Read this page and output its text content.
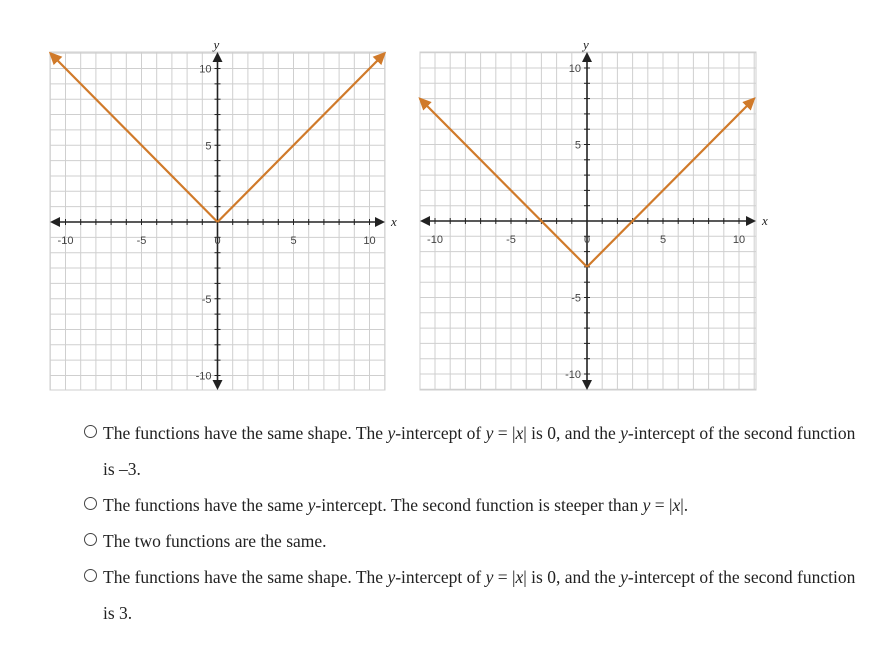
x
y
-10	-5	0	5	10
10
5
-5
-10
x
y
-10	-5	0	5	10
10
5
-5
-10
The functions have the same shape. The y-intercept of y = |x| is 0, and the y-intercept of the second function is –3.
The functions have the same y-intercept. The second function is steeper than y = |x|.
The two functions are the same.
The functions have the same shape. The y-intercept of y = |x| is 0, and the y-intercept of the second function is 3.
